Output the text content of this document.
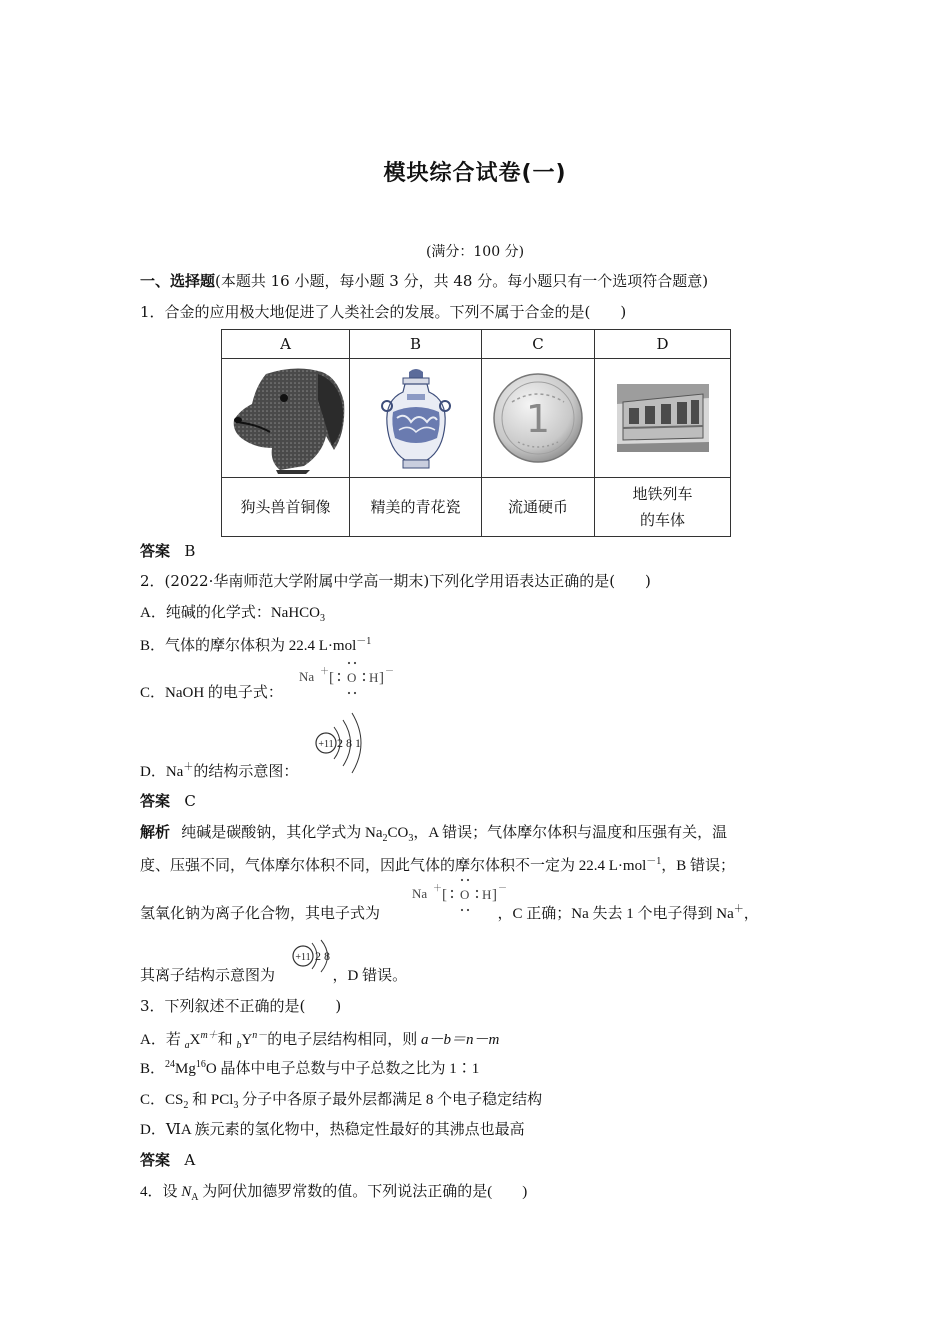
模块综合试卷(一)
(满分：100 分)
一、选择题(本题共 16 小题，每小题 3 分，共 48 分。每小题只有一个选项符合题意)
1．合金的应用极大地促进了人类社会的发展。下列不属于合金的是(　　)
A	B	C	D

1

狗头兽首铜像	精美的青花瓷	流通硬币	地铁列车
的车体
答案 B
2．(2022·华南师范大学附属中学高一期末)下列化学用语表达正确的是(　　)
A．纯碱的化学式：NaHCO$_3$
B．气体的摩尔体积为 22.4 L·mol$^{-1}$
C．NaOH 的电子式：
Na ＋ [ O H ] －
D．Na＋的结构示意图：
+11 2 8 1
答案 C
解析 纯碱是碳酸钠，其化学式为 $Na_2CO_3$，A 错误；气体摩尔体积与温度和压强有关，温
度、压强不同，气体摩尔体积不同，因此气体的摩尔体积不一定为 22.4 L·mol$^{-1}$，B 错误；
氢氧化钠为离子化合物，其电子式为	，C 正确；Na 失去 1 个电子得到 Na＋，
Na ＋ [ O H ] －
其离子结构示意图为	，D 错误。
+11 2 8
3．下列叙述不正确的是(　　)
A．若 $_aX^{m+}$和 $_bY^{n-}$的电子层结构相同，则 a－b＝n－m
B．$^{24}$Mg$^{16}$O 晶体中电子总数与中子总数之比为 1∶1
C．$CS_2$ 和 PCl$_3$ 分子中各原子最外层都满足 8 个电子稳定结构
D．ⅥA 族元素的氢化物中，热稳定性最好的其沸点也最高
答案 A
4．设 $N_A$ 为阿伏加德罗常数的值。下列说法正确的是(　　)
